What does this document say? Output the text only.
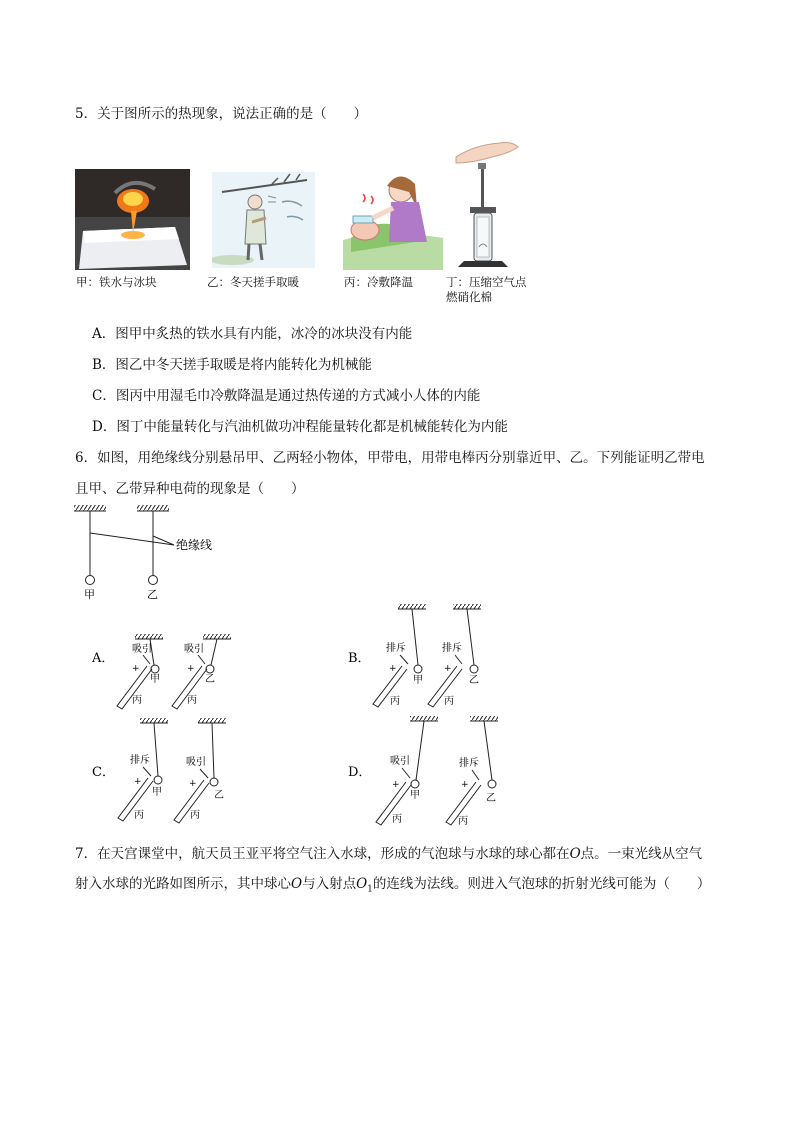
5．关于图所示的热现象，说法正确的是（　　）
甲：铁水与冰块	乙：冬天搓手取暖	丙：冷敷降温	丁：压缩空气点
燃硝化棉
A．图甲中炙热的铁水具有内能，冰冷的冰块没有内能
B．图乙中冬天搓手取暖是将内能转化为机械能
C．图丙中用湿毛巾冷敷降温是通过热传递的方式减小人体的内能
D．图丁中能量转化与汽油机做功冲程能量转化都是机械能转化为内能
6．如图，用绝缘线分别悬吊甲、乙两轻小物体，甲带电，用带电棒丙分别靠近甲、乙。下列能证明乙带电
且甲、乙带异种电荷的现象是（　　）
绝缘线
甲	乙
A．
吸引
甲
+
丙
吸引
乙
+
丙
B．
排斥
甲
+
丙
排斥
乙
+
丙
C．
排斥
甲
+
丙
吸引
乙
+
丙
D．
吸引
甲
+
丙
排斥
乙
+
丙
7．在天宫课堂中，航天员王亚平将空气注入水球，形成的气泡球与水球的球心都在O点。一束光线从空气
射入水球的光路如图所示，其中球心O与入射点$O_1$的连线为法线。则进入气泡球的折射光线可能为（　　）
